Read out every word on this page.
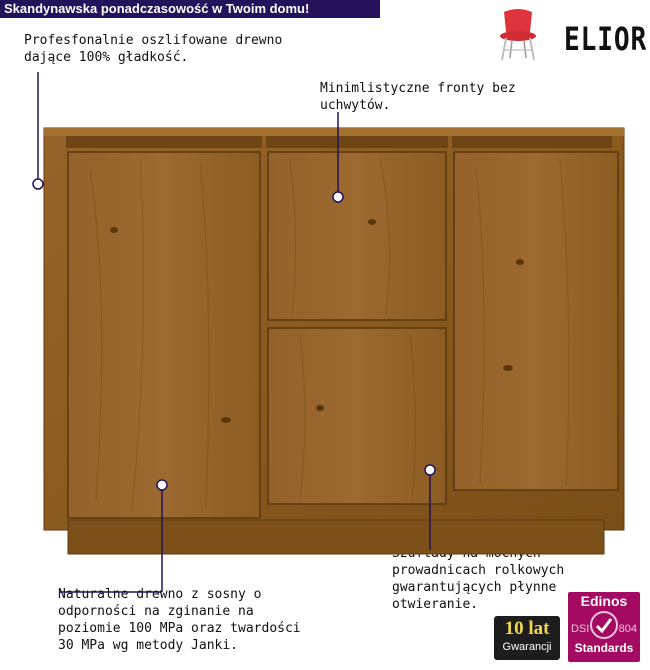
Skandynawska ponadczasowość w Twoim domu!
ELIOR
Profesfonalnie oszlifowane drewno
dające 100% gładkość.
Minimlistyczne fronty bez
uchwytów.
Naturalne drewno z sosny o
odporności na zginanie na
poziomie 100 MPa oraz twardości
30 MPa wg metody Janki.

prowadnicach rolkowych
gwarantujących płynne
otwieranie.
10 lat
Gwarancji
Edinos
DSI	804
Standards
